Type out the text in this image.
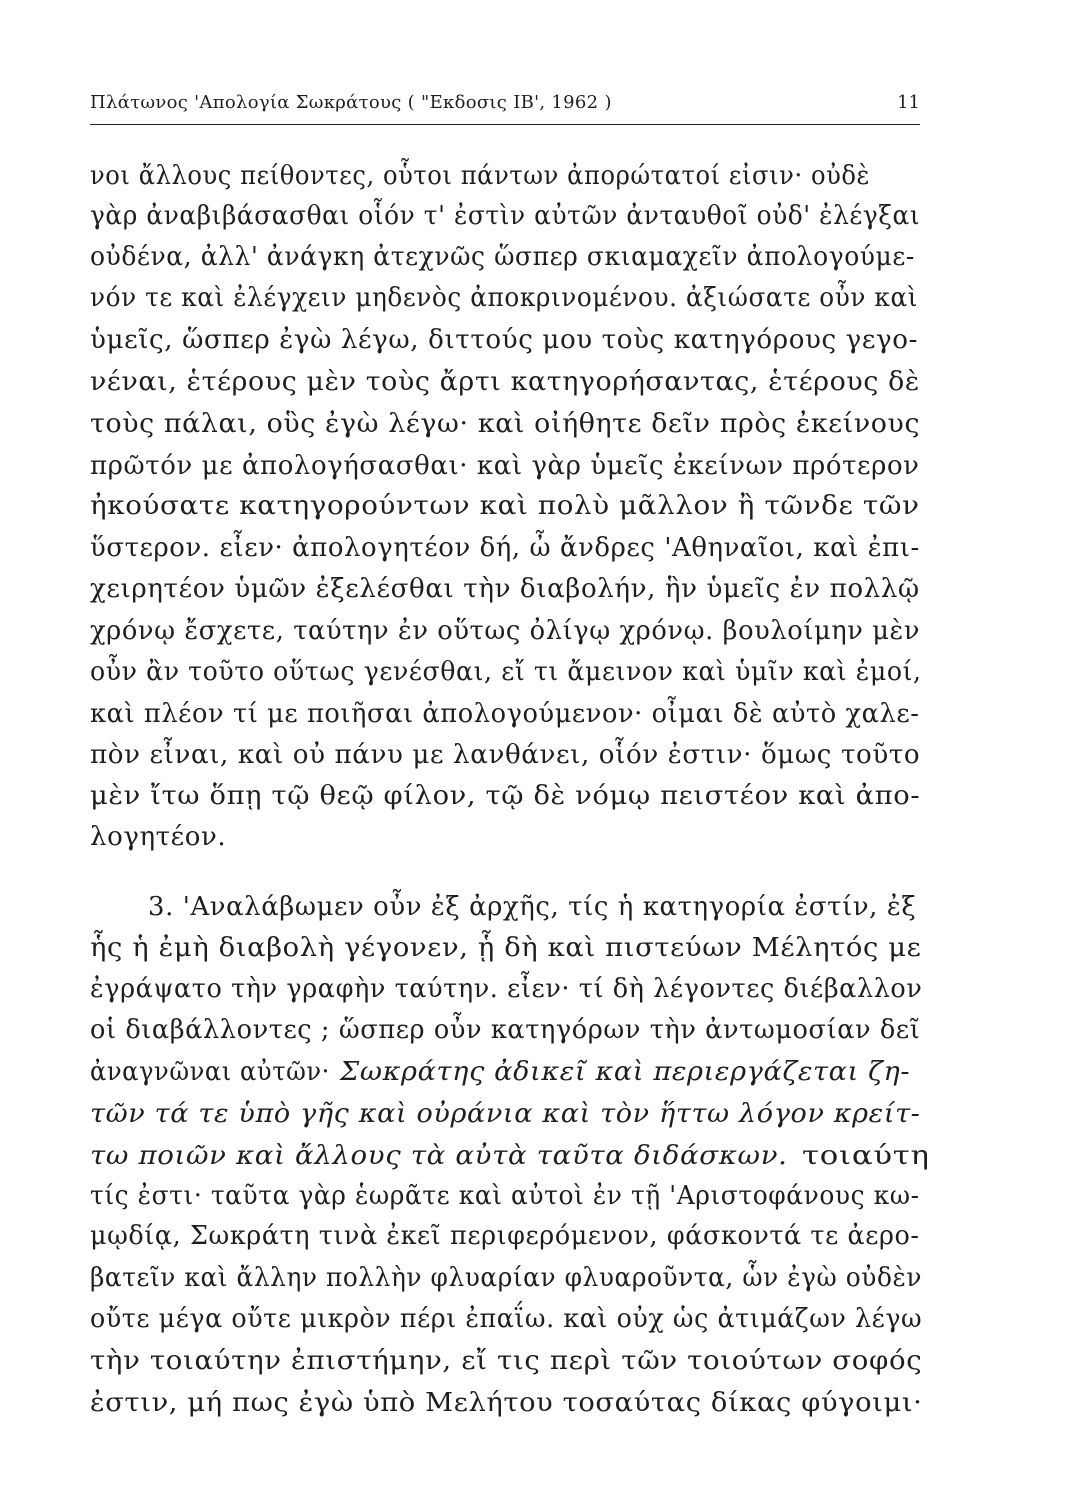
Πλάτωνος 'Απολογία Σωκράτους ( "Εκδοσις ΙΒ', 1962 )	11
νοι ἄλλους πείθοντες, οὗτοι πάντων ἀπορώτατοί εἰσιν· οὐδὲ
γὰρ ἀναβιβάσασθαι οἷόν τ' ἐστὶν αὐτῶν ἀνταυθοῖ οὐδ' ἐλέγξαι
οὐδένα, ἀλλ' ἀνάγκη ἀτεχνῶς ὥσπερ σκιαμαχεῖν ἀπολογούμε-
νόν τε καὶ ἐλέγχειν μηδενὸς ἀποκρινομένου. ἀξιώσατε οὖν καὶ
ὑμεῖς, ὥσπερ ἐγὼ λέγω, διττούς μου τοὺς κατηγόρους γεγο-
νέναι, ἑτέρους μὲν τοὺς ἄρτι κατηγορήσαντας, ἑτέρους δὲ
τοὺς πάλαι, οὓς ἐγὼ λέγω· καὶ οἰήθητε δεῖν πρὸς ἐκείνους
πρῶτόν με ἀπολογήσασθαι· καὶ γὰρ ὑμεῖς ἐκείνων πρότερον
ἠκούσατε κατηγορούντων καὶ πολὺ μᾶλλον ἢ τῶνδε τῶν
ὕστερον. εἶεν· ἀπολογητέον δή, ὦ ἄνδρες 'Αθηναῖοι, καὶ ἐπι-
χειρητέον ὑμῶν ἐξελέσθαι τὴν διαβολήν, ἣν ὑμεῖς ἐν πολλῷ
χρόνῳ ἔσχετε, ταύτην ἐν οὕτως ὀλίγῳ χρόνῳ. βουλοίμην μὲν
οὖν ἂν τοῦτο οὕτως γενέσθαι, εἴ τι ἄμεινον καὶ ὑμῖν καὶ ἐμοί,
καὶ πλέον τί με ποιῆσαι ἀπολογούμενον· οἶμαι δὲ αὐτὸ χαλε-
πὸν εἶναι, καὶ οὐ πάνυ με λανθάνει, οἷόν ἐστιν· ὅμως τοῦτο
μὲν ἴτω ὅπῃ τῷ θεῷ φίλον, τῷ δὲ νόμῳ πειστέον καὶ ἀπο-
λογητέον.
3. 'Αναλάβωμεν οὖν ἐξ ἀρχῆς, τίς ἡ κατηγορία ἐστίν, ἐξ
ἧς ἡ ἐμὴ διαβολὴ γέγονεν, ᾗ δὴ καὶ πιστεύων Μέλητός με
ἐγράψατο τὴν γραφὴν ταύτην. εἶεν· τί δὴ λέγοντες διέβαλλον
οἱ διαβάλλοντες ; ὥσπερ οὖν κατηγόρων τὴν ἀντωμοσίαν δεῖ
ἀναγνῶναι αὐτῶν· Σωκράτης ἀδικεῖ καὶ περιεργάζεται ζη-
τῶν τά τε ὑπὸ γῆς καὶ οὐράνια καὶ τὸν ἥττω λόγον κρείτ-
τω ποιῶν καὶ ἄλλους τὰ αὐτὰ ταῦτα διδάσκων. τοιαύτη
τίς ἐστι· ταῦτα γὰρ ἑωρᾶτε καὶ αὐτοὶ ἐν τῇ 'Αριστοφάνους κω-
μῳδίᾳ, Σωκράτη τινὰ ἐκεῖ περιφερόμενον, φάσκοντά τε ἀερο-
βατεῖν καὶ ἄλλην πολλὴν φλυαρίαν φλυαροῦντα, ὧν ἐγὼ οὐδὲν
οὔτε μέγα οὔτε μικρὸν πέρι ἐπαΐω. καὶ οὐχ ὡς ἀτιμάζων λέγω
τὴν τοιαύτην ἐπιστήμην, εἴ τις περὶ τῶν τοιούτων σοφός
ἐστιν, μή πως ἐγὼ ὑπὸ Μελήτου τοσαύτας δίκας φύγοιμι·
